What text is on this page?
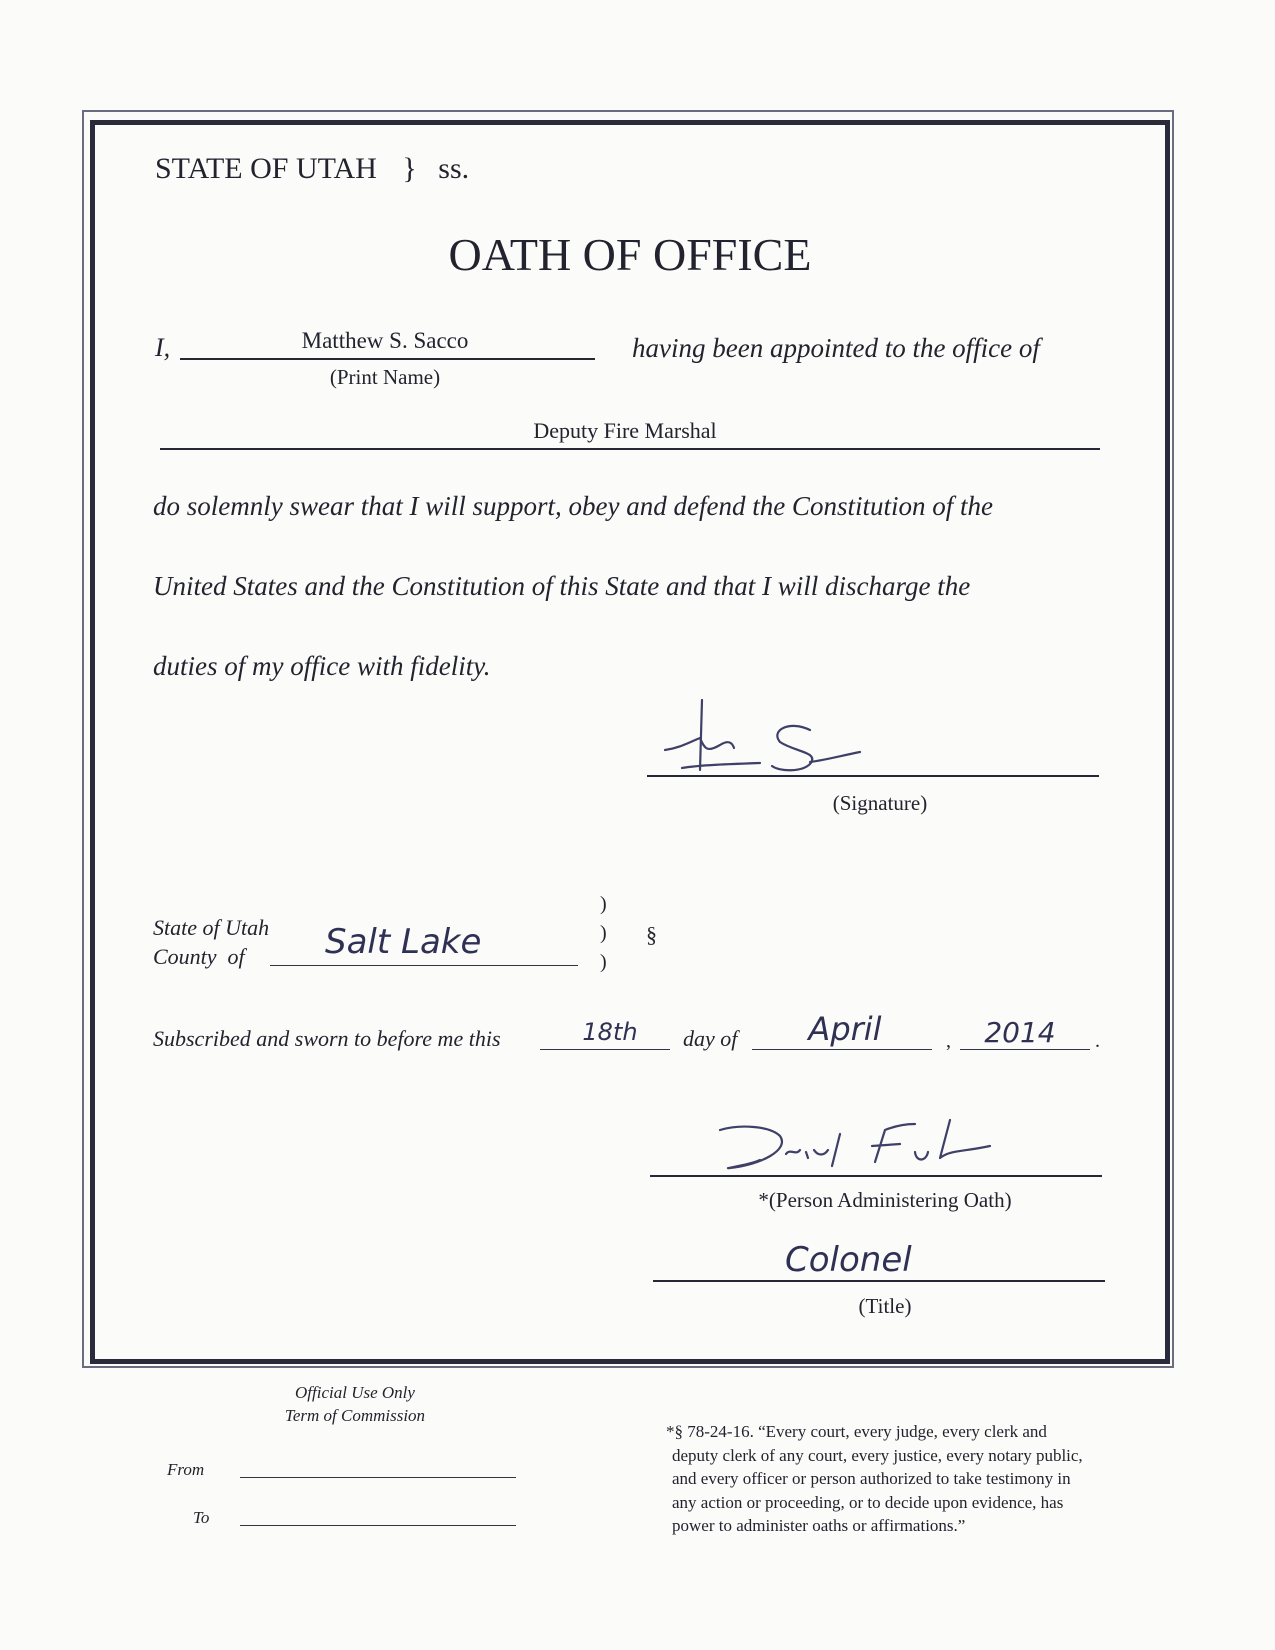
STATE OF UTAH } ss.
OATH OF OFFICE
I,	Matthew S. Sacco
(Print Name)
having been appointed to the office of
Deputy Fire Marshal
do solemnly swear that I will support, obey and defend the Constitution of the
United States and the Constitution of this State and that I will discharge the
duties of my office with fidelity.
(Signature)
State of Utah
County  of Salt Lake
)
)
)
§
Subscribed and sworn to before me this	18th	day of	April	,	2014	.
*(Person Administering Oath)
Colonel
(Title)
Official Use Only
Term of Commission
From
To
*§ 78-24-16. “Every court, every judge, every clerk and
deputy clerk of any court, every justice, every notary public,
and every officer or person authorized to take testimony in
any action or proceeding, or to decide upon evidence, has
power to administer oaths or affirmations.”
